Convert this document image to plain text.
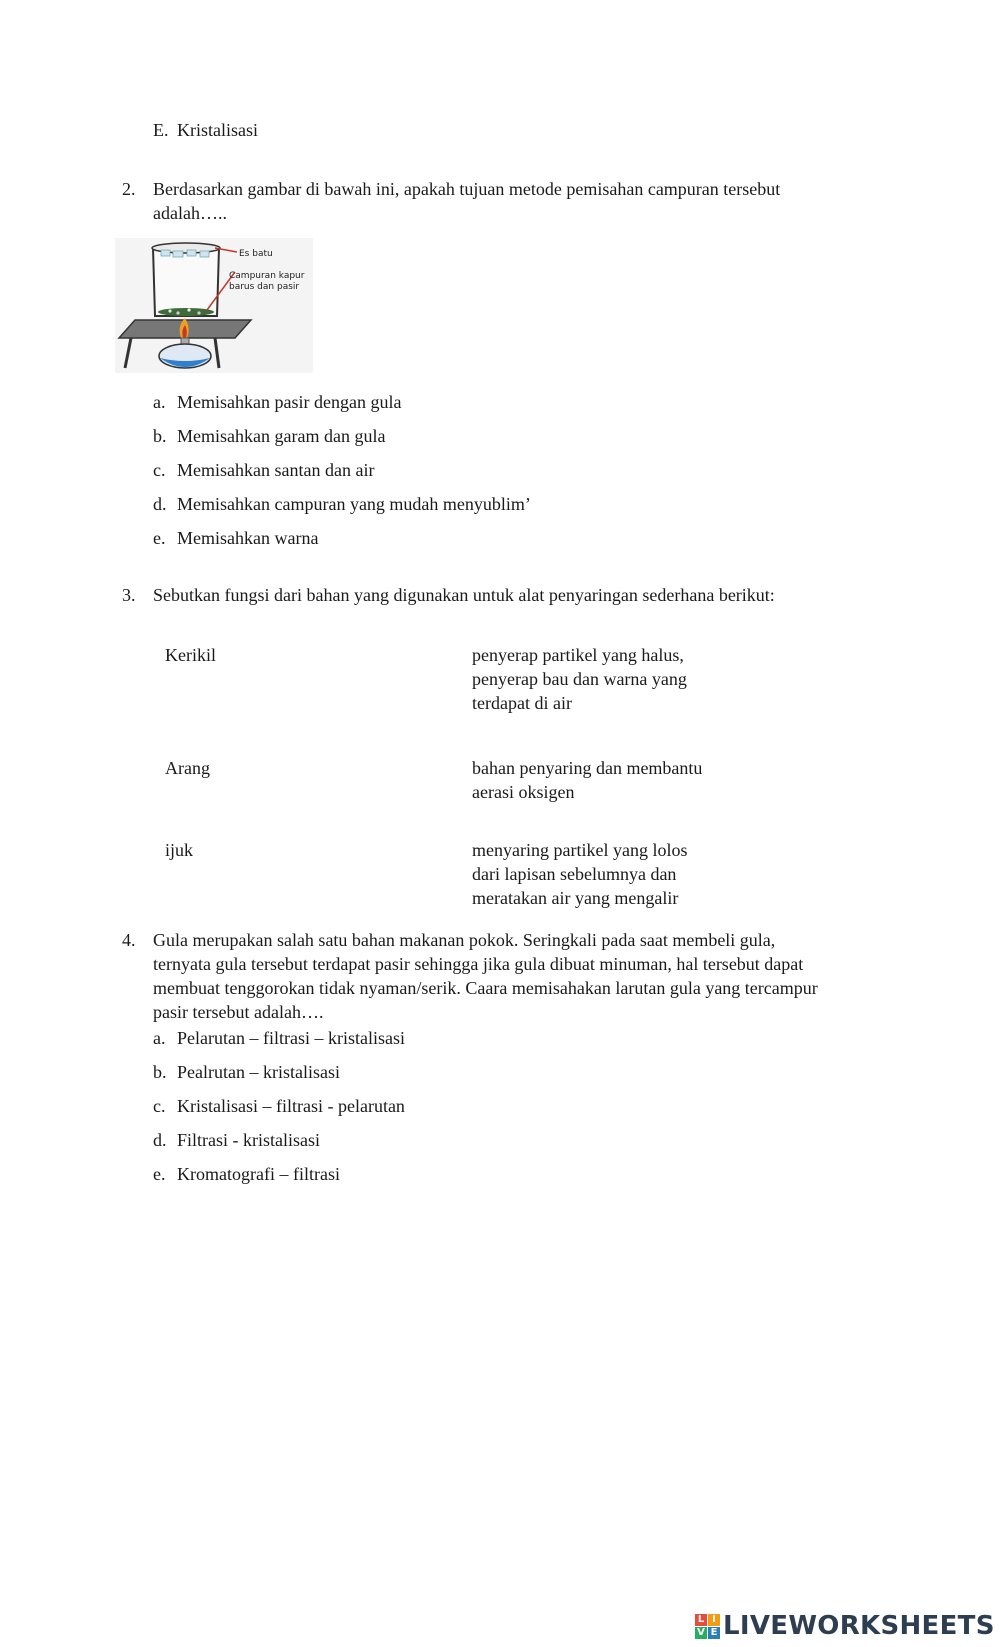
E. Kristalisasi
2. Berdasarkan gambar di bawah ini, apakah tujuan metode pemisahan campuran tersebut
adalah…..
Es batu
Campuran kapur
barus dan pasir
a. Memisahkan pasir dengan gula
b. Memisahkan garam dan gula
c. Memisahkan santan dan air
d. Memisahkan campuran yang mudah menyublim’
e. Memisahkan warna
3. Sebutkan fungsi dari bahan yang digunakan untuk alat penyaringan sederhana berikut:
Kerikil	penyerap partikel yang halus,
penyerap bau dan warna yang
terdapat di air
Arang	bahan penyaring dan membantu
aerasi oksigen
ijuk	menyaring partikel yang lolos
dari lapisan sebelumnya dan
meratakan air yang mengalir
4. Gula merupakan salah satu bahan makanan pokok. Seringkali pada saat membeli gula,
ternyata gula tersebut terdapat pasir sehingga jika gula dibuat minuman, hal tersebut dapat
membuat tenggorokan tidak nyaman/serik. Caara memisahakan larutan gula yang tercampur
pasir tersebut adalah….
a. Pelarutan – filtrasi – kristalisasi
b. Pealrutan – kristalisasi
c. Kristalisasi – filtrasi - pelarutan
d. Filtrasi - kristalisasi
e. Kromatografi – filtrasi
L I
V E LIVEWORKSHEETS
